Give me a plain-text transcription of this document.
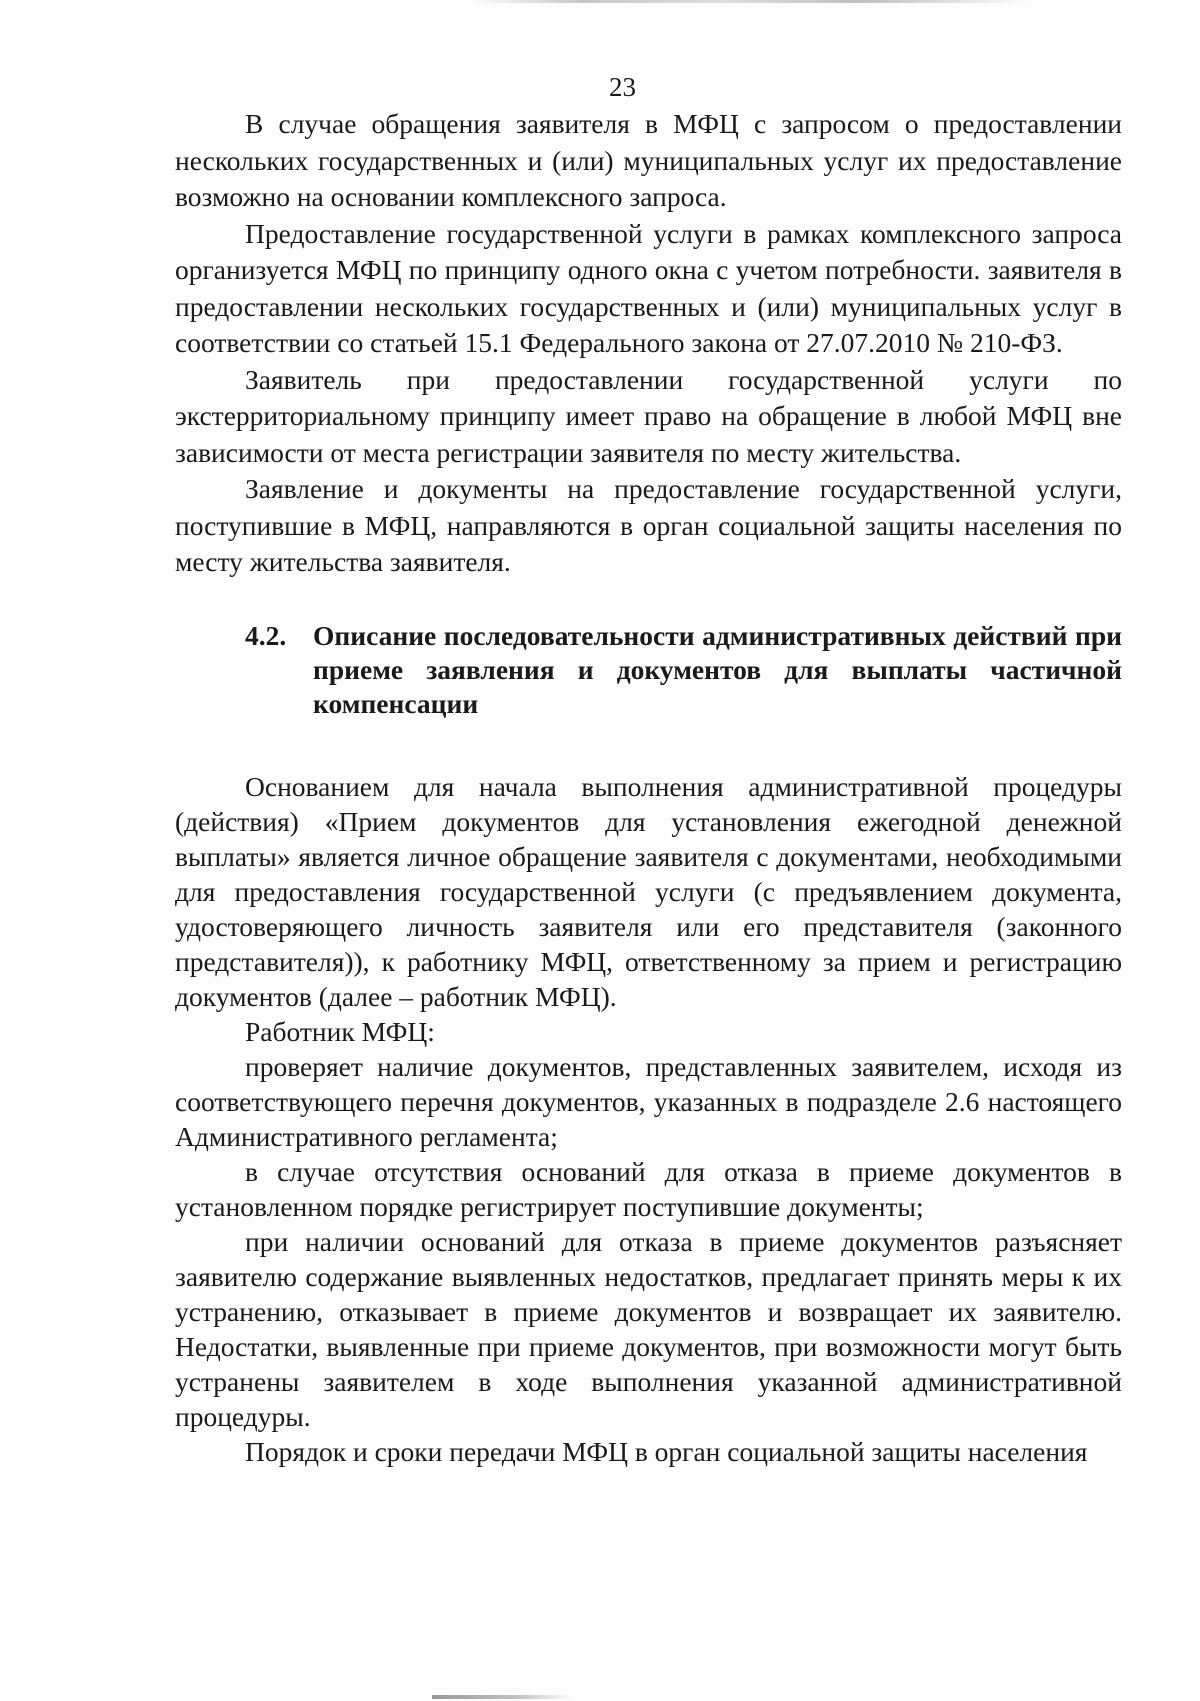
23

В случае обращения заявителя в МФЦ с запросом о предоставлении нескольких государственных и (или) муниципальных услуг их предоставление возможно на основании комплексного запроса.

Предоставление государственной услуги в рамках комплексного запроса организуется МФЦ по принципу одного окна с учетом потребности. заявителя в предоставлении нескольких государственных и (или) муниципальных услуг в соответствии со статьей 15.1 Федерального закона от 27.07.2010 № 210-ФЗ.

Заявитель при предоставлении государственной услуги по экстерриториальному принципу имеет право на обращение в любой МФЦ вне зависимости от места регистрации заявителя по месту жительства.

Заявление и документы на предоставление государственной услуги, поступившие в МФЦ, направляются в орган социальной защиты населения по месту жительства заявителя.

4.2. Описание последовательности административных действий при приеме заявления и документов для выплаты частичной компенсации

Основанием для начала выполнения административной процедуры (действия) «Прием документов для установления ежегодной денежной выплаты» является личное обращение заявителя с документами, необходимыми для предоставления государственной услуги (с предъявлением документа, удостоверяющего личность заявителя или его представителя (законного представителя)), к работнику МФЦ, ответственному за прием и регистрацию документов (далее – работник МФЦ).

Работник МФЦ:

проверяет наличие документов, представленных заявителем, исходя из соответствующего перечня документов, указанных в подразделе 2.6 настоящего Административного регламента;

в случае отсутствия оснований для отказа в приеме документов в установленном порядке регистрирует поступившие документы;

при наличии оснований для отказа в приеме документов разъясняет заявителю содержание выявленных недостатков, предлагает принять меры к их устранению, отказывает в приеме документов и возвращает их заявителю. Недостатки, выявленные при приеме документов, при возможности могут быть устранены заявителем в ходе выполнения указанной административной процедуры.

Порядок и сроки передачи МФЦ в орган социальной защиты населения
